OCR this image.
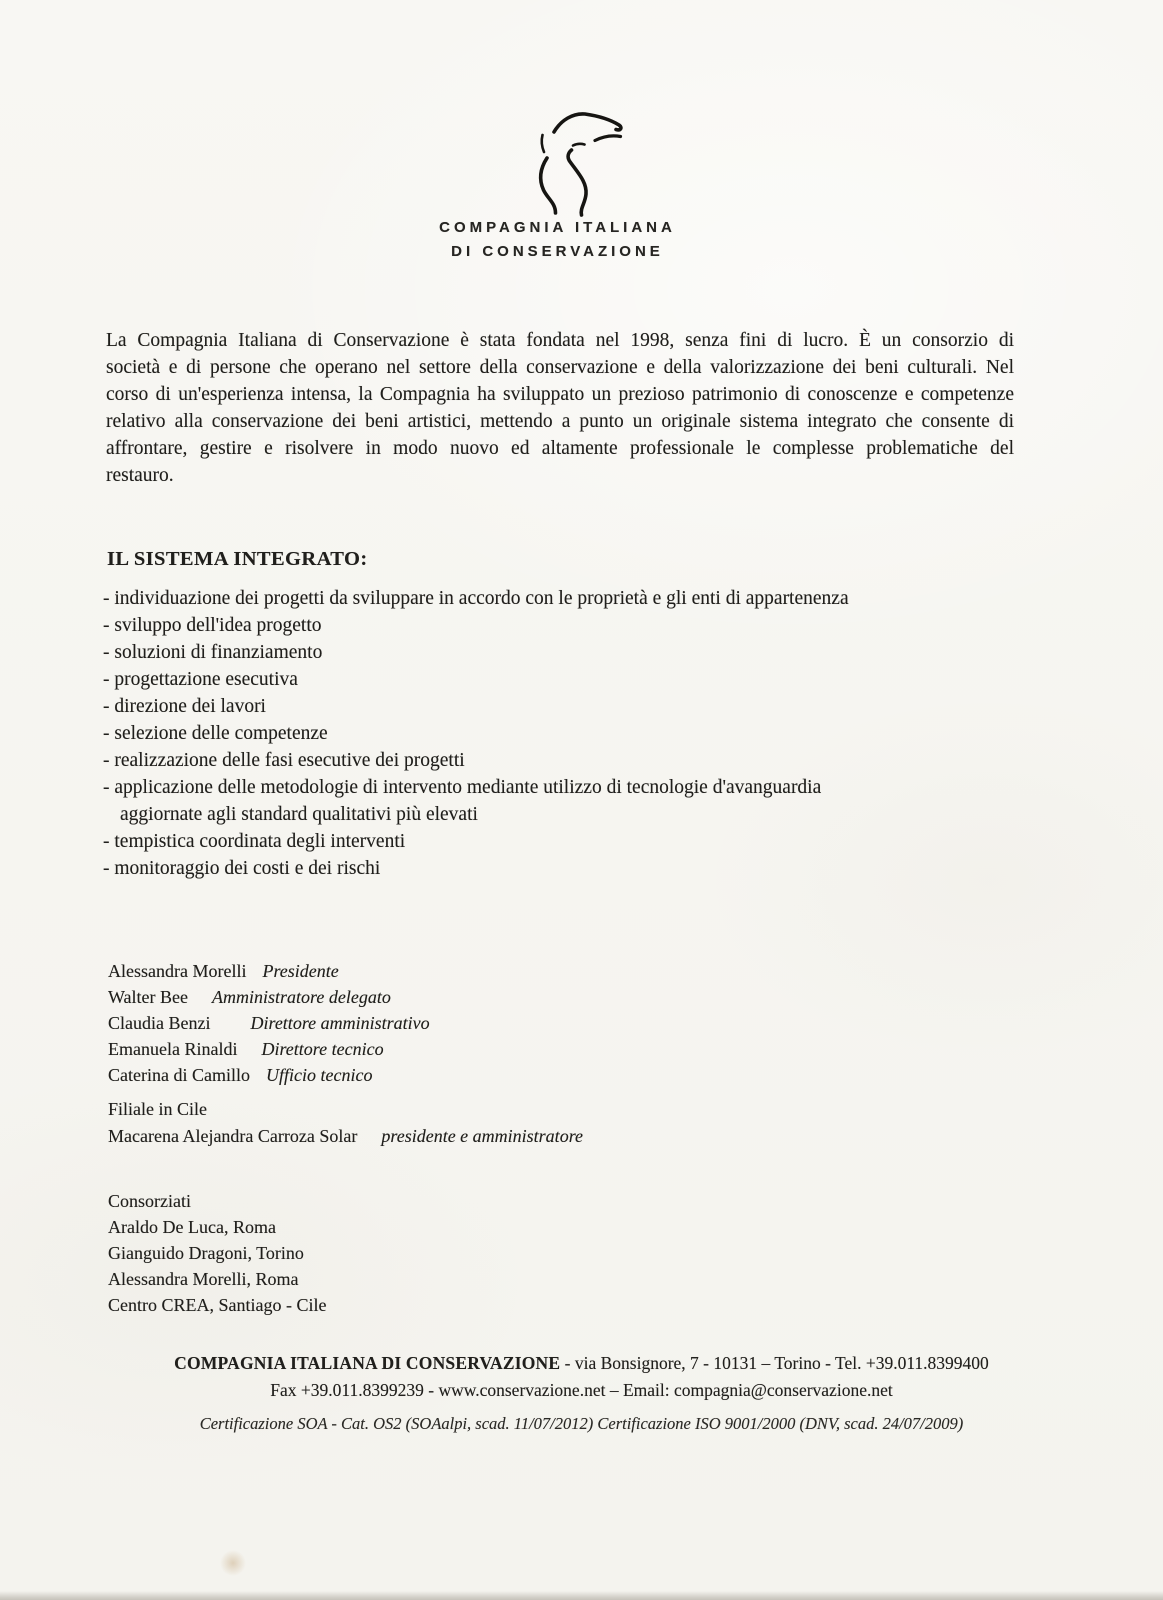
COMPAGNIA ITALIANA
DI CONSERVAZIONE

La Compagnia Italiana di Conservazione è stata fondata nel 1998, senza fini di lucro. È un consorzio di società e di persone che operano nel settore della conservazione e della valorizzazione dei beni culturali. Nel corso di un'esperienza intensa, la Compagnia ha sviluppato un prezioso patrimonio di conoscenze e competenze relativo alla conservazione dei beni artistici, mettendo a punto un originale sistema integrato che consente di affrontare, gestire e risolvere in modo nuovo ed altamente professionale le complesse problematiche del restauro.

IL SISTEMA INTEGRATO:
- individuazione dei progetti da sviluppare in accordo con le proprietà e gli enti di appartenenza
- sviluppo dell'idea progetto
- soluzioni di finanziamento
- progettazione esecutiva
- direzione dei lavori
- selezione delle competenze
- realizzazione delle fasi esecutive dei progetti
- applicazione delle metodologie di intervento mediante utilizzo di tecnologie d'avanguardia aggiornate agli standard qualitativi più elevati
- tempistica coordinata degli interventi
- monitoraggio dei costi e dei rischi
Alessandra Morelli Presidente
Walter Bee Amministratore delegato
Claudia Benzi Direttore amministrativo
Emanuela Rinaldi Direttore tecnico
Caterina di Camillo Ufficio tecnico
Filiale in Cile
Macarena Alejandra Carroza Solar presidente e amministratore
Consorziati
Araldo De Luca, Roma
Gianguido Dragoni, Torino
Alessandra Morelli, Roma
Centro CREA, Santiago - Cile
COMPAGNIA ITALIANA DI CONSERVAZIONE - via Bonsignore, 7 - 10131 – Torino - Tel. +39.011.8399400
Fax +39.011.8399239 - www.conservazione.net – Email: compagnia@conservazione.net
Certificazione SOA - Cat. OS2 (SOAalpi, scad. 11/07/2012) Certificazione ISO 9001/2000 (DNV, scad. 24/07/2009)
